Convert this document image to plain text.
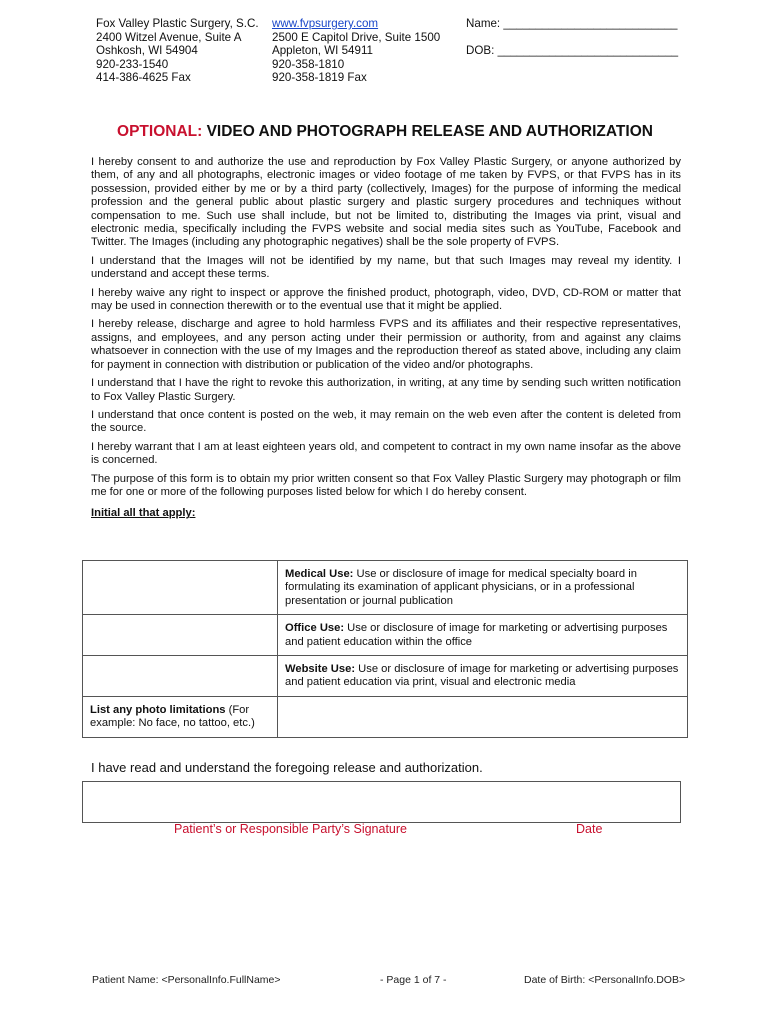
Fox Valley Plastic Surgery, S.C.
2400 Witzel Avenue, Suite A
Oshkosh, WI 54904
920-233-1540
414-386-4625 Fax
www.fvpsurgery.com
2500 E Capitol Drive, Suite 1500
Appleton, WI 54911
920-358-1810
920-358-1819 Fax
Name: ___________________________
DOB: ____________________________
OPTIONAL: VIDEO AND PHOTOGRAPH RELEASE AND AUTHORIZATION

I hereby consent to and authorize the use and reproduction by Fox Valley Plastic Surgery, or anyone authorized by them, of any and all photographs, electronic images or video footage of me taken by FVPS, or that FVPS has in its possession, provided either by me or by a third party (collectively, Images) for the purpose of informing the medical profession and the general public about plastic surgery and plastic surgery procedures and techniques without compensation to me. Such use shall include, but not be limited to, distributing the Images via print, visual and electronic media, specifically including the FVPS website and social media sites such as YouTube, Facebook and Twitter. The Images (including any photographic negatives) shall be the sole property of FVPS.

I understand that the Images will not be identified by my name, but that such Images may reveal my identity. I understand and accept these terms.

I hereby waive any right to inspect or approve the finished product, photograph, video, DVD, CD-ROM or matter that may be used in connection therewith or to the eventual use that it might be applied.

I hereby release, discharge and agree to hold harmless FVPS and its affiliates and their respective representatives, assigns, and employees, and any person acting under their permission or authority, from and against any claims whatsoever in connection with the use of my Images and the reproduction thereof as stated above, including any claim for payment in connection with distribution or publication of the video and/or photographs.

I understand that I have the right to revoke this authorization, in writing, at any time by sending such written notification to Fox Valley Plastic Surgery.

I understand that once content is posted on the web, it may remain on the web even after the content is deleted from the source.

I hereby warrant that I am at least eighteen years old, and competent to contract in my own name insofar as the above is concerned.

The purpose of this form is to obtain my prior written consent so that Fox Valley Plastic Surgery may photograph or film me for one or more of the following purposes listed below for which I do hereby consent.

Initial all that apply:

	Medical Use: Use or disclosure of image for medical specialty board in formulating its examination of applicant physicians, or in a professional presentation or journal publication

	Office Use: Use or disclosure of image for marketing or advertising purposes and patient education within the office

	Website Use: Use or disclosure of image for marketing or advertising purposes and patient education via print, visual and electronic media

List any photo limitations (For example: No face, no tattoo, etc.)	

I have read and understand the foregoing release and authorization.
Patient’s or Responsible Party’s Signature	Date
Patient Name: <PersonalInfo.FullName>	- Page 1 of 7 -	Date of Birth: <PersonalInfo.DOB>
